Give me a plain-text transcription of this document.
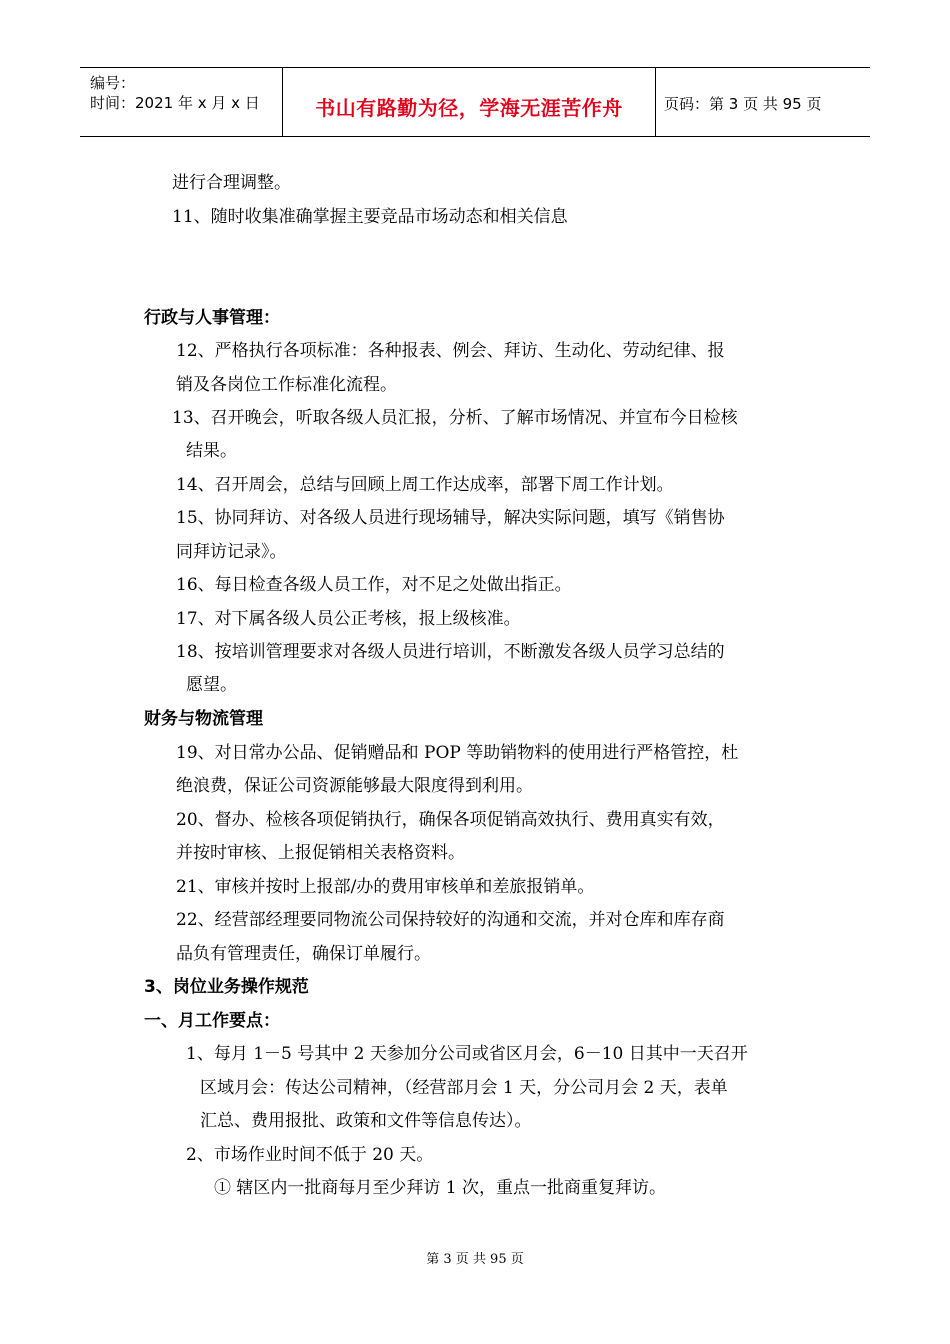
编号：
时间：2021 年 x 月 x 日	书山有路勤为径，学海无涯苦作舟	页码：第 3 页 共 95 页
进行合理调整。
11、随时收集准确掌握主要竞品市场动态和相关信息
行政与人事管理：
12、严格执行各项标准：各种报表、例会、拜访、生动化、劳动纪律、报
销及各岗位工作标准化流程。
13、召开晚会，听取各级人员汇报，分析、了解市场情况、并宣布今日检核
结果。
14、召开周会，总结与回顾上周工作达成率，部署下周工作计划。
15、协同拜访、对各级人员进行现场辅导，解决实际问题，填写《销售协
同拜访记录》。
16、每日检查各级人员工作，对不足之处做出指正。
17、对下属各级人员公正考核，报上级核准。
18、按培训管理要求对各级人员进行培训，不断激发各级人员学习总结的
愿望。
财务与物流管理
19、对日常办公品、促销赠品和 POP 等助销物料的使用进行严格管控，杜
绝浪费，保证公司资源能够最大限度得到利用。
20、督办、检核各项促销执行，确保各项促销高效执行、费用真实有效，
并按时审核、上报促销相关表格资料。
21、审核并按时上报部/办的费用审核单和差旅报销单。
22、经营部经理要同物流公司保持较好的沟通和交流，并对仓库和库存商
品负有管理责任，确保订单履行。
3、岗位业务操作规范
一、月工作要点：
1、每月 1－5 号其中 2 天参加分公司或省区月会，6－10 日其中一天召开
区域月会：传达公司精神，（经营部月会 1 天，分公司月会 2 天，表单
汇总、费用报批、政策和文件等信息传达）。
2、市场作业时间不低于 20 天。
① 辖区内一批商每月至少拜访 1 次，重点一批商重复拜访。
第 3 页 共 95 页
